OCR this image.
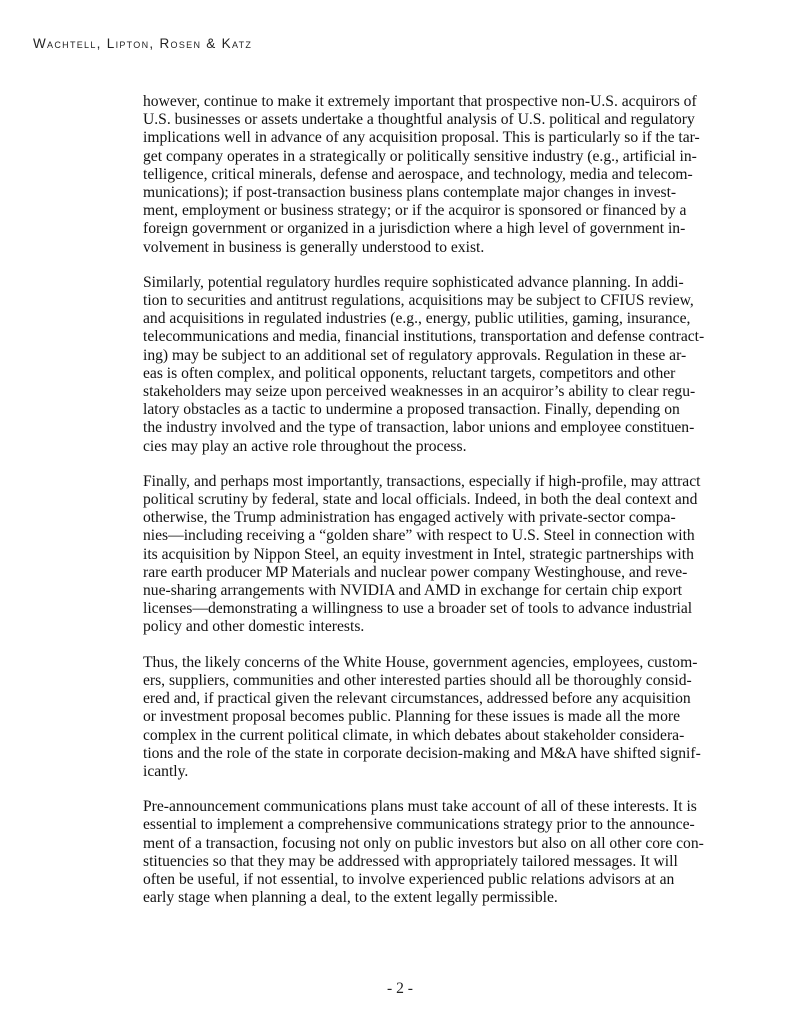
Wachtell, Lipton, Rosen & Katz

however, continue to make it extremely important that prospective non-U.S. acquirors of
U.S. businesses or assets undertake a thoughtful analysis of U.S. political and regulatory
implications well in advance of any acquisition proposal. This is particularly so if the tar-
get company operates in a strategically or politically sensitive industry (e.g., artificial in-
telligence, critical minerals, defense and aerospace, and technology, media and telecom-
munications); if post-transaction business plans contemplate major changes in invest-
ment, employment or business strategy; or if the acquiror is sponsored or financed by a
foreign government or organized in a jurisdiction where a high level of government in-
volvement in business is generally understood to exist.

Similarly, potential regulatory hurdles require sophisticated advance planning. In addi-
tion to securities and antitrust regulations, acquisitions may be subject to CFIUS review,
and acquisitions in regulated industries (e.g., energy, public utilities, gaming, insurance,
telecommunications and media, financial institutions, transportation and defense contract-
ing) may be subject to an additional set of regulatory approvals. Regulation in these ar-
eas is often complex, and political opponents, reluctant targets, competitors and other
stakeholders may seize upon perceived weaknesses in an acquiror’s ability to clear regu-
latory obstacles as a tactic to undermine a proposed transaction. Finally, depending on
the industry involved and the type of transaction, labor unions and employee constituen-
cies may play an active role throughout the process.

Finally, and perhaps most importantly, transactions, especially if high-profile, may attract
political scrutiny by federal, state and local officials. Indeed, in both the deal context and
otherwise, the Trump administration has engaged actively with private-sector compa-
nies—including receiving a “golden share” with respect to U.S. Steel in connection with
its acquisition by Nippon Steel, an equity investment in Intel, strategic partnerships with
rare earth producer MP Materials and nuclear power company Westinghouse, and reve-
nue-sharing arrangements with NVIDIA and AMD in exchange for certain chip export
licenses—demonstrating a willingness to use a broader set of tools to advance industrial
policy and other domestic interests.

Thus, the likely concerns of the White House, government agencies, employees, custom-
ers, suppliers, communities and other interested parties should all be thoroughly consid-
ered and, if practical given the relevant circumstances, addressed before any acquisition
or investment proposal becomes public. Planning for these issues is made all the more
complex in the current political climate, in which debates about stakeholder considera-
tions and the role of the state in corporate decision-making and M&A have shifted signif-
icantly.

Pre-announcement communications plans must take account of all of these interests. It is
essential to implement a comprehensive communications strategy prior to the announce-
ment of a transaction, focusing not only on public investors but also on all other core con-
stituencies so that they may be addressed with appropriately tailored messages. It will
often be useful, if not essential, to involve experienced public relations advisors at an
early stage when planning a deal, to the extent legally permissible.

- 2 -
